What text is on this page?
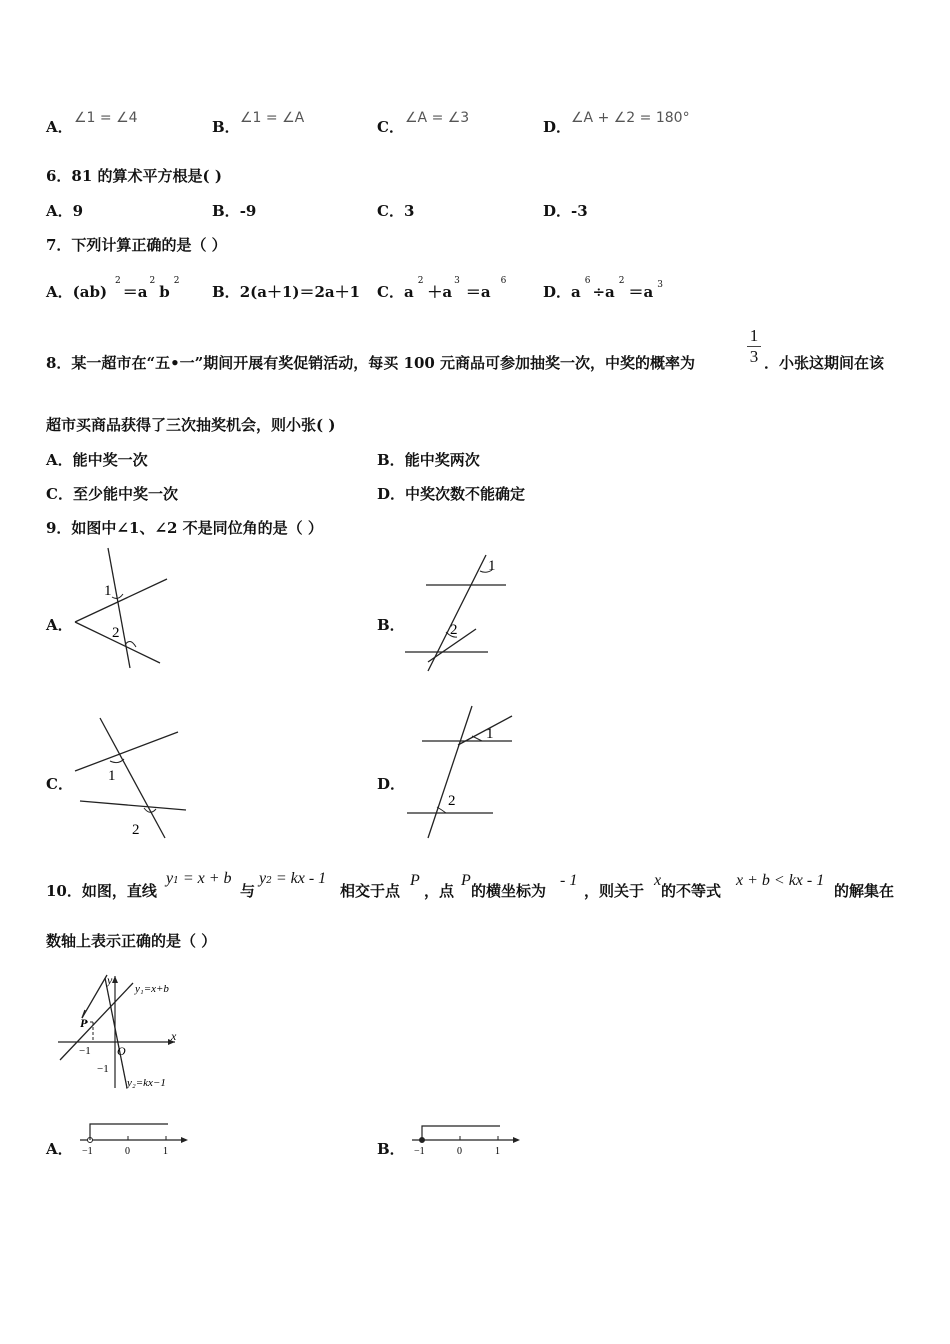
A． ∠1 = ∠4	B． ∠1 = ∠A	C． ∠A = ∠3	D． ∠A + ∠2 = 180°
6．81 的算术平方根是( )
A．9	B．-9	C．3	D．-3
7．下列计算正确的是（ ）
A．$(ab)^2=a^2b^2$
B．2(a＋1)＝2a＋1 C．$a^2+a^3=a^6$
D．$a^6\div a^2=a$ $^3$
8．某一超市在“五•一”期间开展有奖促销活动，每买 100 元商品可参加抽奖一次，中奖的概率为
1
3 ．小张这期间在该
超市买商品获得了三次抽奖机会，则小张( )
A．能中奖一次	B．能中奖两次
C．至少能中奖一次	D．中奖次数不能确定
9．如图中∠1、∠2 不是同位角的是（ ）
A．
1
2	B．
1
2
C． 1
2
D．
1
2
10．如图，直线
y1 = x + b
与
y2 = kx - 1
相交于点
P
，点
P
的横坐标为
- 1
，则关于
x
的不等式
x + b < kx - 1
的解集在
数轴上表示正确的是（ ）
y
x
O
P
−1
−1
y₁=x+b
y₂=kx−1
A． −1	0	1	B． −1	0	1
